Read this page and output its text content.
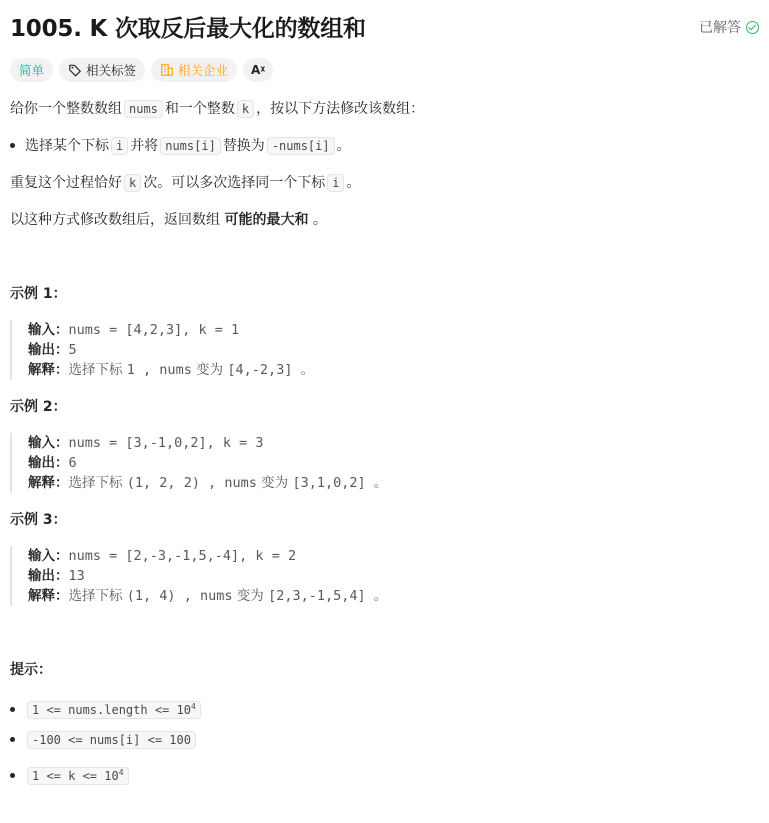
1005. K 次取反后最大化的数组和	已解答
简单	相关标签	相关企业 Aᵡ
给你一个整数数组 nums 和一个整数 k ，按以下方法修改该数组：
选择某个下标 i 并将 nums[i] 替换为 -nums[i] 。
重复这个过程恰好 k 次。可以多次选择同一个下标 i 。
以这种方式修改数组后，返回数组 可能的最大和 。
示例 1：
输入：nums = [4,2,3], k = 1
输出：5
解释：选择下标 1 , nums 变为 [4,-2,3] 。
示例 2：
输入：nums = [3,-1,0,2], k = 3
输出：6
解释：选择下标 (1, 2, 2) , nums 变为 [3,1,0,2] 。
示例 3：
输入：nums = [2,-3,-1,5,-4], k = 2
输出：13
解释：选择下标 (1, 4) , nums 变为 [2,3,-1,5,4] 。
提示：
1 <= nums.length <= $10^4$
-100 <= nums[i] <= 100
$1 <= k <= 10^4$
